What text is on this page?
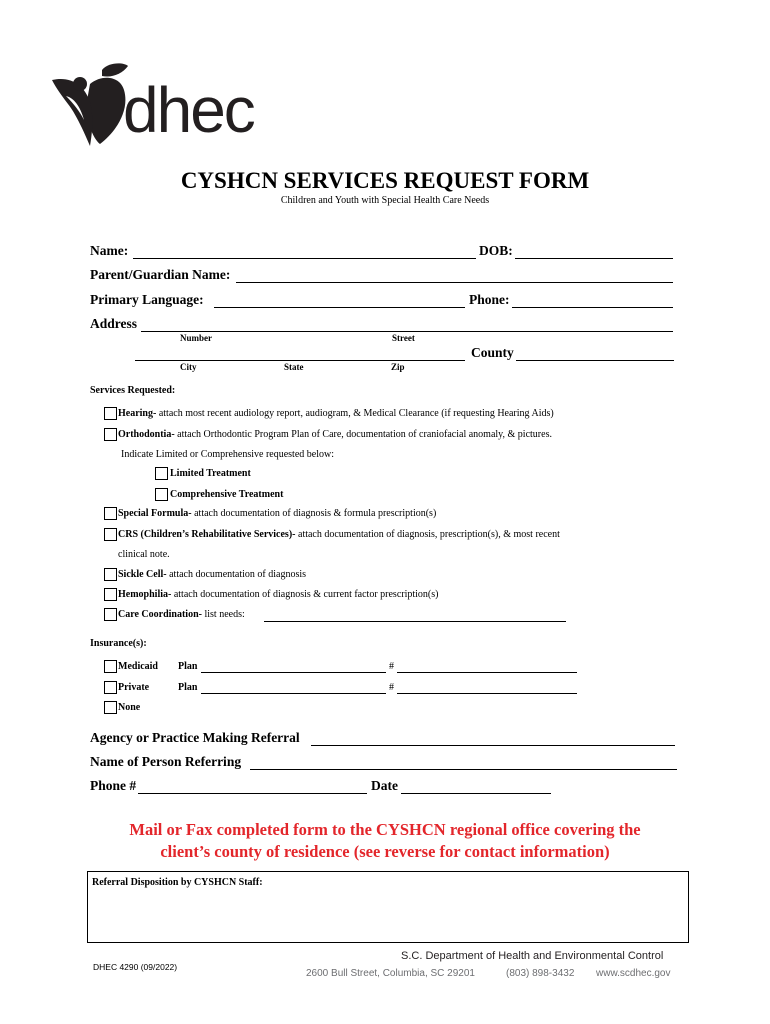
dhec
CYSHCN SERVICES REQUEST FORM
Children and Youth with Special Health Care Needs
Name:	DOB:
Parent/Guardian Name:
Primary Language:	Phone:
Address
Number	Street
County
City	State	Zip
Services Requested:
Hearing- attach most recent audiology report, audiogram, & Medical Clearance (if requesting Hearing Aids)
Orthodontia- attach Orthodontic Program Plan of Care, documentation of craniofacial anomaly, & pictures.
Indicate Limited or Comprehensive requested below:
Limited Treatment
Comprehensive Treatment
Special Formula- attach documentation of diagnosis & formula prescription(s)
CRS (Children’s Rehabilitative Services)- attach documentation of diagnosis, prescription(s), & most recent
clinical note.
Sickle Cell- attach documentation of diagnosis
Hemophilia- attach documentation of diagnosis & current factor prescription(s)
Care Coordination- list needs:
Insurance(s):
Medicaid Plan	#
Private	Plan	#
None
Agency or Practice Making Referral
Name of Person Referring
Phone #	Date
Mail or Fax completed form to the CYSHCN regional office covering the
client’s county of residence (see reverse for contact information)
Referral Disposition by CYSHCN Staff:
DHEC 4290 (09/2022)
S.C. Department of Health and Environmental Control
2600 Bull Street, Columbia, SC 29201	(803) 898-3432 www.scdhec.gov
